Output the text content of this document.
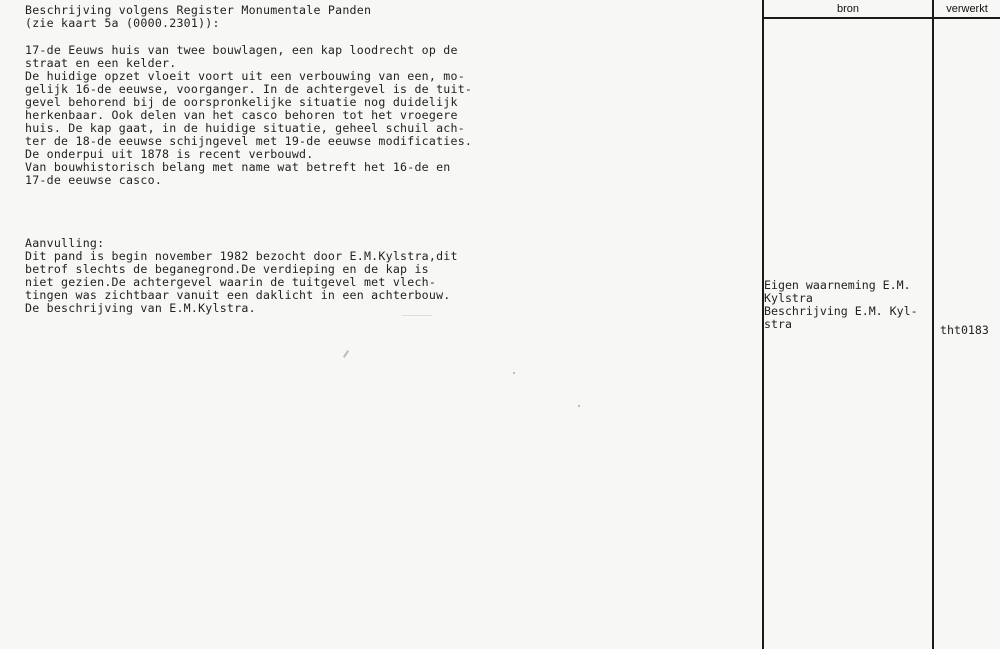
Beschrijving volgens Register Monumentale Panden
(zie kaart 5a (0000.2301)):
17-de Eeuws huis van twee bouwlagen, een kap loodrecht op de
straat en een kelder.
De huidige opzet vloeit voort uit een verbouwing van een, mo-
gelijk 16-de eeuwse, voorganger. In de achtergevel is de tuit-
gevel behorend bij de oorspronkelijke situatie nog duidelijk
herkenbaar. Ook delen van het casco behoren tot het vroegere
huis. De kap gaat, in de huidige situatie, geheel schuil ach-
ter de 18-de eeuwse schijngevel met 19-de eeuwse modificaties.
De onderpui uit 1878 is recent verbouwd.
Van bouwhistorisch belang met name wat betreft het 16-de en
17-de eeuwse casco.
Aanvulling:
Dit pand is begin november 1982 bezocht door E.M.Kylstra,dit
betrof slechts de beganegrond.De verdieping en de kap is
niet gezien.De achtergevel waarin de tuitgevel met vlech-
tingen was zichtbaar vanuit een daklicht in een achterbouw.
De beschrijving van E.M.Kylstra.
bron	verwerkt
Eigen waarneming E.M.
Kylstra
Beschrijving E.M. Kyl-
stra	tht0183
